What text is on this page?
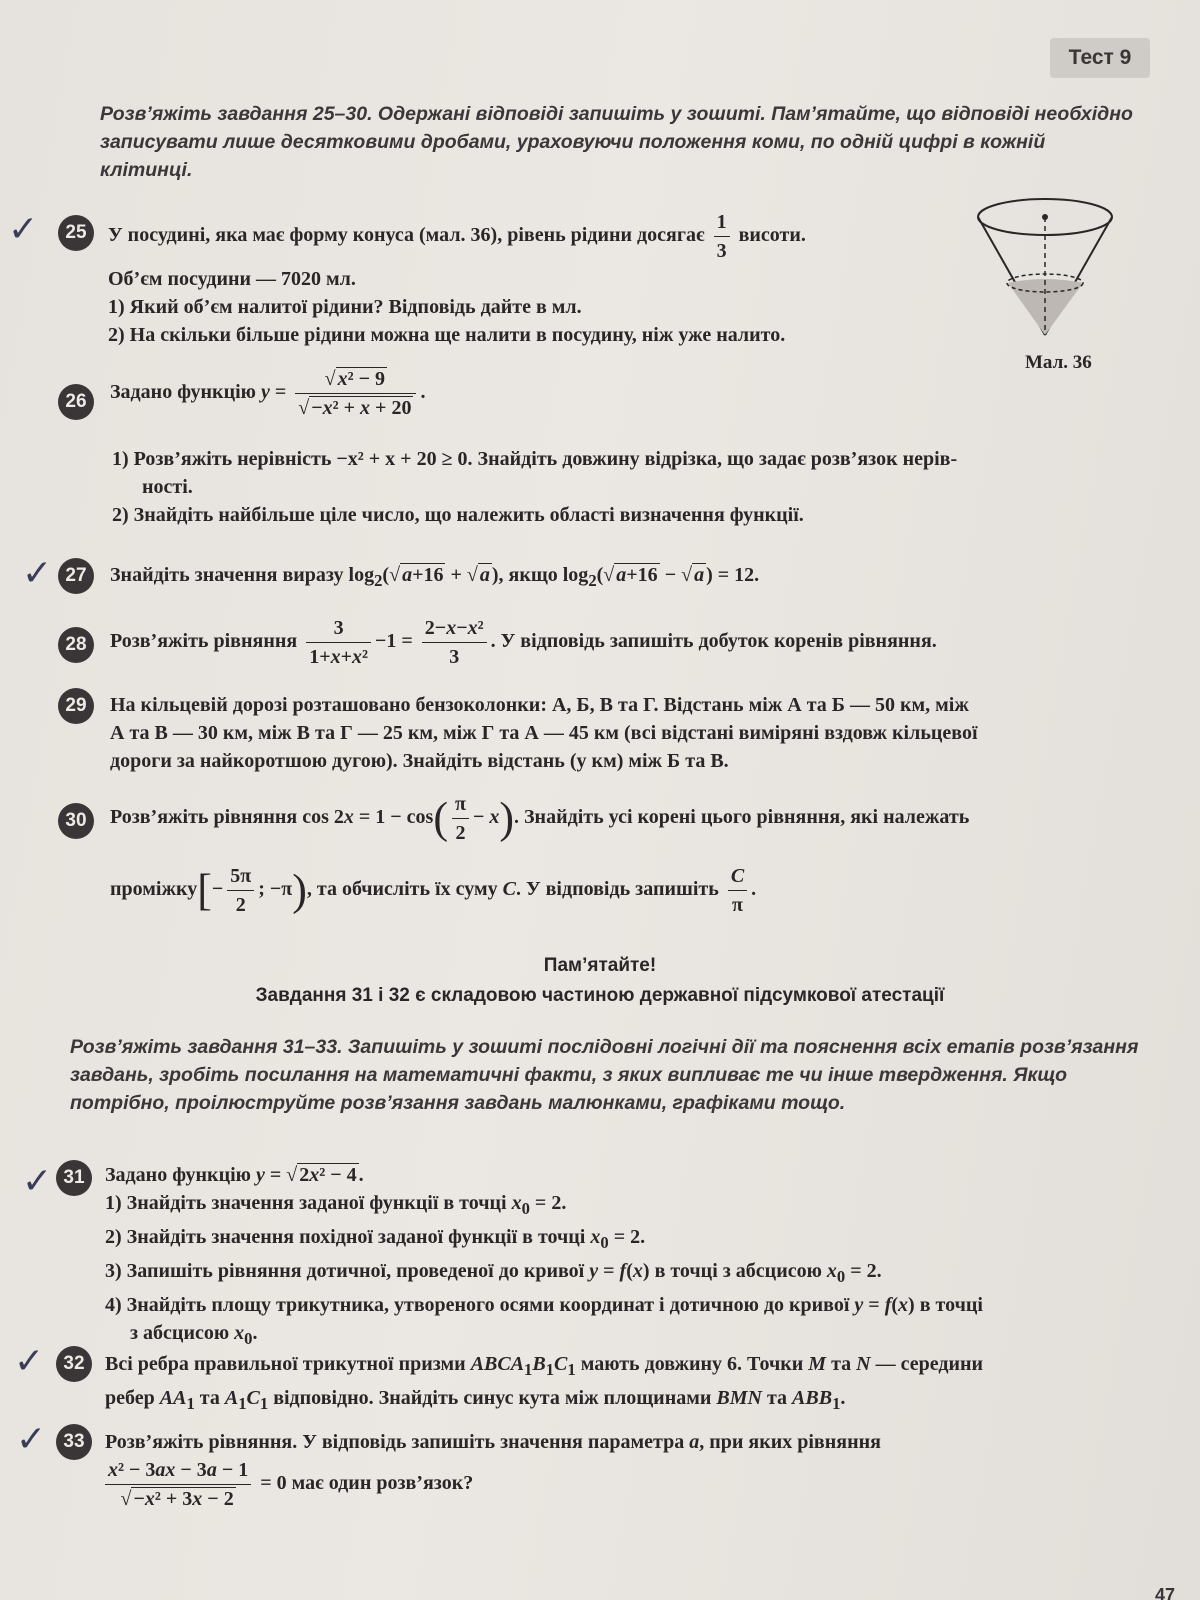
Тест 9
Розв’яжіть завдання 25–30. Одержані відповіді запишіть у зошиті. Пам’ятайте, що відповіді необхідно записувати лише десятковими дробами, ураховуючи положення коми, по одній цифрі в кожній клітинці.
✓	25	У посудині, яка має форму конуса (мал. 36), рівень рідини досягає $\frac{1}{3}$ висоти.

Об’єм посудини — 7020 мл.

1) Який об’єм налитої рідини? Відповідь дайте в мл.

2) На скільки більше рідини можна ще налити в посудину, ніж уже налито.

Мал. 36
26	Задано функцію $y = \frac{\text{√ x² − 9}}{\text{√ −x² + x + 20}}$ .

1) Розв’яжіть нерівність −x² + x + 20 ≥ 0. Знайдіть довжину відрізка, що задає розв’язок нерів-

ності.

2) Знайдіть найбільше ціле число, що належить області визначення функції.

✓ 27	Знайдіть значення виразу $\log_2(√$ a+16 + √ a ), якщо $\log_2(√$ a+16 − √ a ) = 12.

28	Розв’яжіть рівняння $\frac{3}{\text{1+x+x²}} -1 = \frac{\text{2−x−x²}}{3}$ . У відповідь запишіть добуток коренів рівняння.

29	На кільцевій дорозі розташовано бензоколонки: А, Б, В та Г. Відстань між А та Б — 50 км, між

А та В — 30 км, між В та Г — 25 км, між Г та А — 45 км (всі відстані виміряні вздовж кільцевої

дороги за найкоротшою дугою). Знайдіть відстань (у км) між Б та В.

30	Розв’яжіть рівняння $\cos 2x = 1 - \cos( \frac{\pi}{2} - x)$. Знайдіть усі корені цього рівняння, які належать

проміжку[− $\frac{5\pi}{2}$ ; −π), та обчисліть їх суму С. У відповідь запишіть $\frac{C}{\pi}$ .

Пам’ятайте!
Завдання 31 і 32 є складовою частиною державної підсумкової атестації
Розв’яжіть завдання 31–33. Запишіть у зошиті послідовні логічні дії та пояснення всіх етапів розв’язання завдань, зробіть посилання на математичні факти, з яких випливає те чи інше твердження. Якщо потрібно, проілюструйте розв’язання завдань малюнками, графіками тощо.
✓ 31	Задано функцію y = √ 2x² − 4 .

1) Знайдіть значення заданої функції в точці $x_0 = 2$.

2) Знайдіть значення похідної заданої функції в точці $x_0 = 2$.

3) Запишіть рівняння дотичної, проведеної до кривої y = f(x) в точці з абсцисою $x_0 = 2$.

4) Знайдіть площу трикутника, утвореного осями координат і дотичною до кривої y = f(x) в точці

з абсцисою $x_0$.

✓	32	Всі ребра правильної трикутної призми $ABCA_1B_1C_1$ мають довжину 6. Точки M та N — середини

ребер $AA_1$ та $A_1C_1$ відповідно. Знайдіть синус кута між площинами BMN та $ABB_1$.

✓ 33	Розв’яжіть рівняння. У відповідь запишіть значення параметра a, при яких рівняння

$\frac{\text{x² − 3ax − 3a − 1}}{\text{√ −x² + 3x − 2}} = 0$ має один розв’язок?

47
